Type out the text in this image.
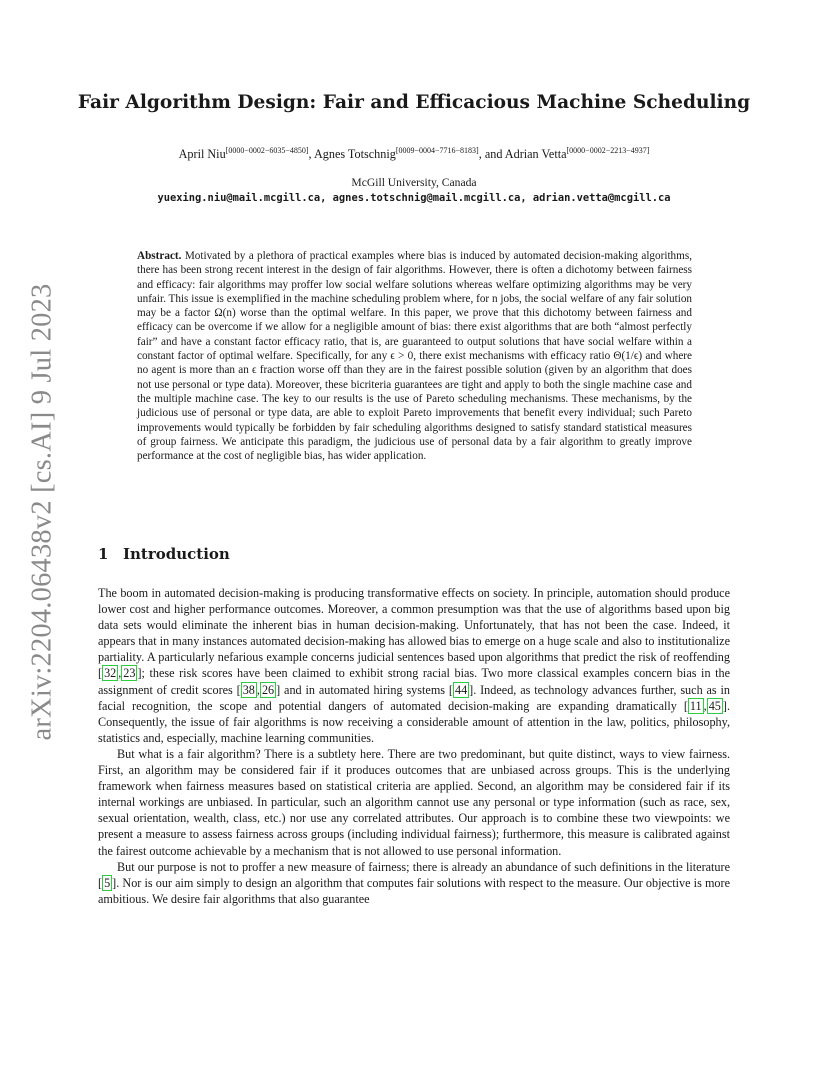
arXiv:2204.06438v2 [cs.AI] 9 Jul 2023
Fair Algorithm Design: Fair and Efficacious Machine Scheduling
April Niu[0000−0002−6035−4850], Agnes Totschnig[0009−0004−7716−8183], and Adrian Vetta[0000−0002−2213−4937]
McGill University, Canada
yuexing.niu@mail.mcgill.ca, agnes.totschnig@mail.mcgill.ca, adrian.vetta@mcgill.ca

Abstract. Motivated by a plethora of practical examples where bias is induced by automated decision-making algorithms, there has been strong recent interest in the design of fair algorithms. However, there is often a dichotomy between fairness and efficacy: fair algorithms may proffer low social welfare solutions whereas welfare optimizing algorithms may be very unfair. This issue is exemplified in the machine scheduling problem where, for n jobs, the social welfare of any fair solution may be a factor Ω(n) worse than the optimal welfare. In this paper, we prove that this dichotomy between fairness and efficacy can be overcome if we allow for a negligible amount of bias: there exist algorithms that are both “almost perfectly fair” and have a constant factor efficacy ratio, that is, are guaranteed to output solutions that have social welfare within a constant factor of optimal welfare. Specifically, for any ϵ > 0, there exist mechanisms with efficacy ratio Θ(1/ϵ) and where no agent is more than an ϵ fraction worse off than they are in the fairest possible solution (given by an algorithm that does not use personal or type data). Moreover, these bicriteria guarantees are tight and apply to both the single machine case and the multiple machine case. The key to our results is the use of Pareto scheduling mechanisms. These mechanisms, by the judicious use of personal or type data, are able to exploit Pareto improvements that benefit every individual; such Pareto improvements would typically be forbidden by fair scheduling algorithms designed to satisfy standard statistical measures of group fairness. We anticipate this paradigm, the judicious use of personal data by a fair algorithm to greatly improve performance at the cost of negligible bias, has wider application.

1 Introduction

The boom in automated decision-making is producing transformative effects on society. In principle, automation should produce lower cost and higher performance outcomes. Moreover, a common presumption was that the use of algorithms based upon big data sets would eliminate the inherent bias in human decision-making. Unfortunately, that has not been the case. Indeed, it appears that in many instances automated decision-making has allowed bias to emerge on a huge scale and also to institutionalize partiality. A particularly nefarious example concerns judicial sentences based upon algorithms that predict the risk of reoffending [ 32 , 23 ]; these risk scores have been claimed to exhibit strong racial bias. Two more classical examples concern bias in the assignment of credit scores [ 38 , 26 ] and in automated hiring systems [ 44 ]. Indeed, as technology advances further, such as in facial recognition, the scope and potential dangers of automated decision-making are expanding dramatically [ 11 , 45 ]. Consequently, the issue of fair algorithms is now receiving a considerable amount of attention in the law, politics, philosophy, statistics and, especially, machine learning communities.

But what is a fair algorithm? There is a subtlety here. There are two predominant, but quite distinct, ways to view fairness. First, an algorithm may be considered fair if it produces outcomes that are unbiased across groups. This is the underlying framework when fairness measures based on statistical criteria are applied. Second, an algorithm may be considered fair if its internal workings are unbiased. In particular, such an algorithm cannot use any personal or type information (such as race, sex, sexual orientation, wealth, class, etc.) nor use any correlated attributes. Our approach is to combine these two viewpoints: we present a measure to assess fairness across groups (including individual fairness); furthermore, this measure is calibrated against the fairest outcome achievable by a mechanism that is not allowed to use personal information.

But our purpose is not to proffer a new measure of fairness; there is already an abundance of such definitions in the literature [ 5 ]. Nor is our aim simply to design an algorithm that computes fair solutions with respect to the measure. Our objective is more ambitious. We desire fair algorithms that also guarantee
